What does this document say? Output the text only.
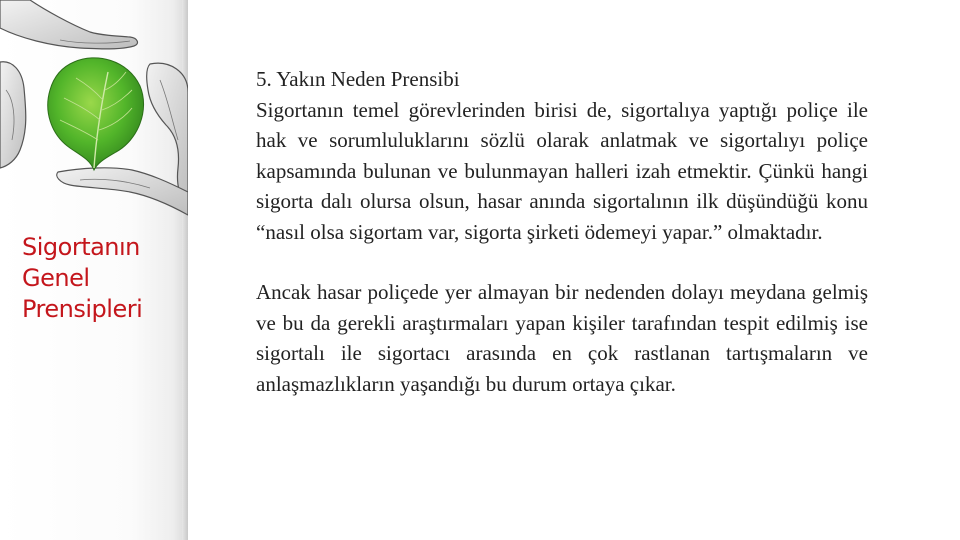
Sigortanın
Genel
Prensipleri
5. Yakın Neden Prensibi

Sigortanın temel görevlerinden birisi de, sigortalıya yaptığı poliçe ile hak ve sorumluluklarını sözlü olarak anlatmak ve sigortalıyı poliçe kapsamında bulunan ve bulunmayan halleri izah etmektir. Çünkü hangi sigorta dalı olursa olsun, hasar anında sigortalının ilk düşündüğü konu “nasıl olsa sigortam var, sigorta şirketi ödemeyi yapar.” olmaktadır.

Ancak hasar poliçede yer almayan bir nedenden dolayı meydana gelmiş ve bu da gerekli araştırmaları yapan kişiler tarafından tespit edilmiş ise sigortalı ile sigortacı arasında en çok rastlanan tartışmaların ve anlaşmazlıkların yaşandığı bu durum ortaya çıkar.
